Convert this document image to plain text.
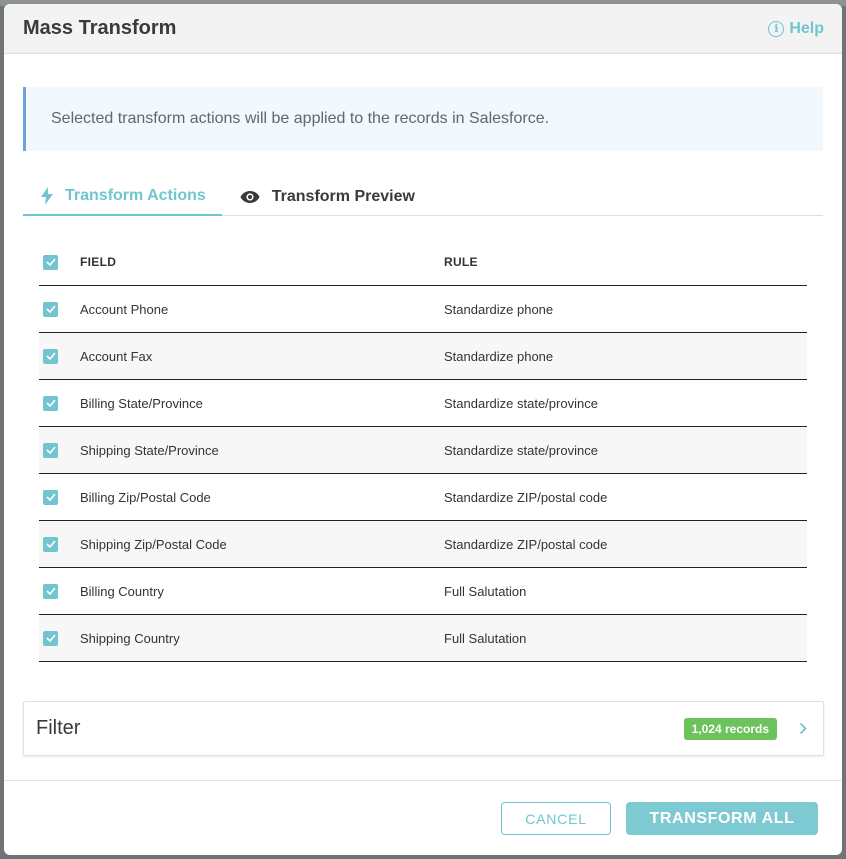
Mass Transform	i Help
Selected transform actions will be applied to the records in Salesforce.
Transform Actions	Transform Preview
FIELD	RULE
Account Phone	Standardize phone
Account Fax	Standardize phone
Billing State/Province	Standardize state/province
Shipping State/Province	Standardize state/province
Billing Zip/Postal Code	Standardize ZIP/postal code
Shipping Zip/Postal Code	Standardize ZIP/postal code
Billing Country	Full Salutation
Shipping Country	Full Salutation
Filter	1,024 records
CANCEL	TRANSFORM ALL
